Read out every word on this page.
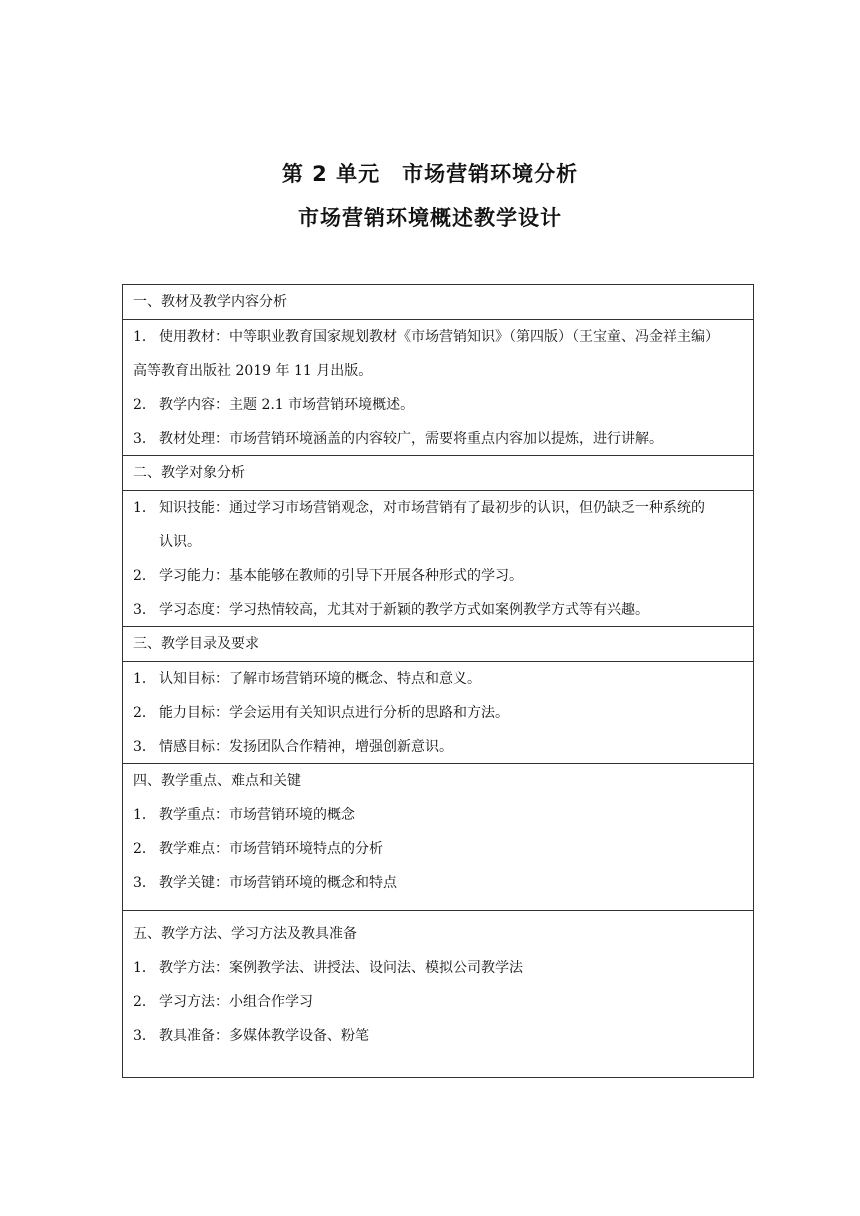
第 2 单元　市场营销环境分析
市场营销环境概述教学设计
一、教材及教学内容分析
1． 使用教材：中等职业教育国家规划教材《市场营销知识》（第四版）（王宝童、冯金祥主编）
高等教育出版社 2019 年 11 月出版。
2． 教学内容：主题 2.1 市场营销环境概述。
3． 教材处理：市场营销环境涵盖的内容较广，需要将重点内容加以提炼，进行讲解。
二、教学对象分析
1． 知识技能：通过学习市场营销观念，对市场营销有了最初步的认识，但仍缺乏一种系统的
认识。
2． 学习能力：基本能够在教师的引导下开展各种形式的学习。
3． 学习态度：学习热情较高，尤其对于新颖的教学方式如案例教学方式等有兴趣。
三、教学目录及要求
1． 认知目标：了解市场营销环境的概念、特点和意义。
2． 能力目标：学会运用有关知识点进行分析的思路和方法。
3． 情感目标：发扬团队合作精神，增强创新意识。
四、教学重点、难点和关键
1． 教学重点：市场营销环境的概念
2． 教学难点：市场营销环境特点的分析
3． 教学关键：市场营销环境的概念和特点
五、教学方法、学习方法及教具准备
1． 教学方法：案例教学法、讲授法、设问法、模拟公司教学法
2． 学习方法：小组合作学习
3． 教具准备：多媒体教学设备、粉笔
